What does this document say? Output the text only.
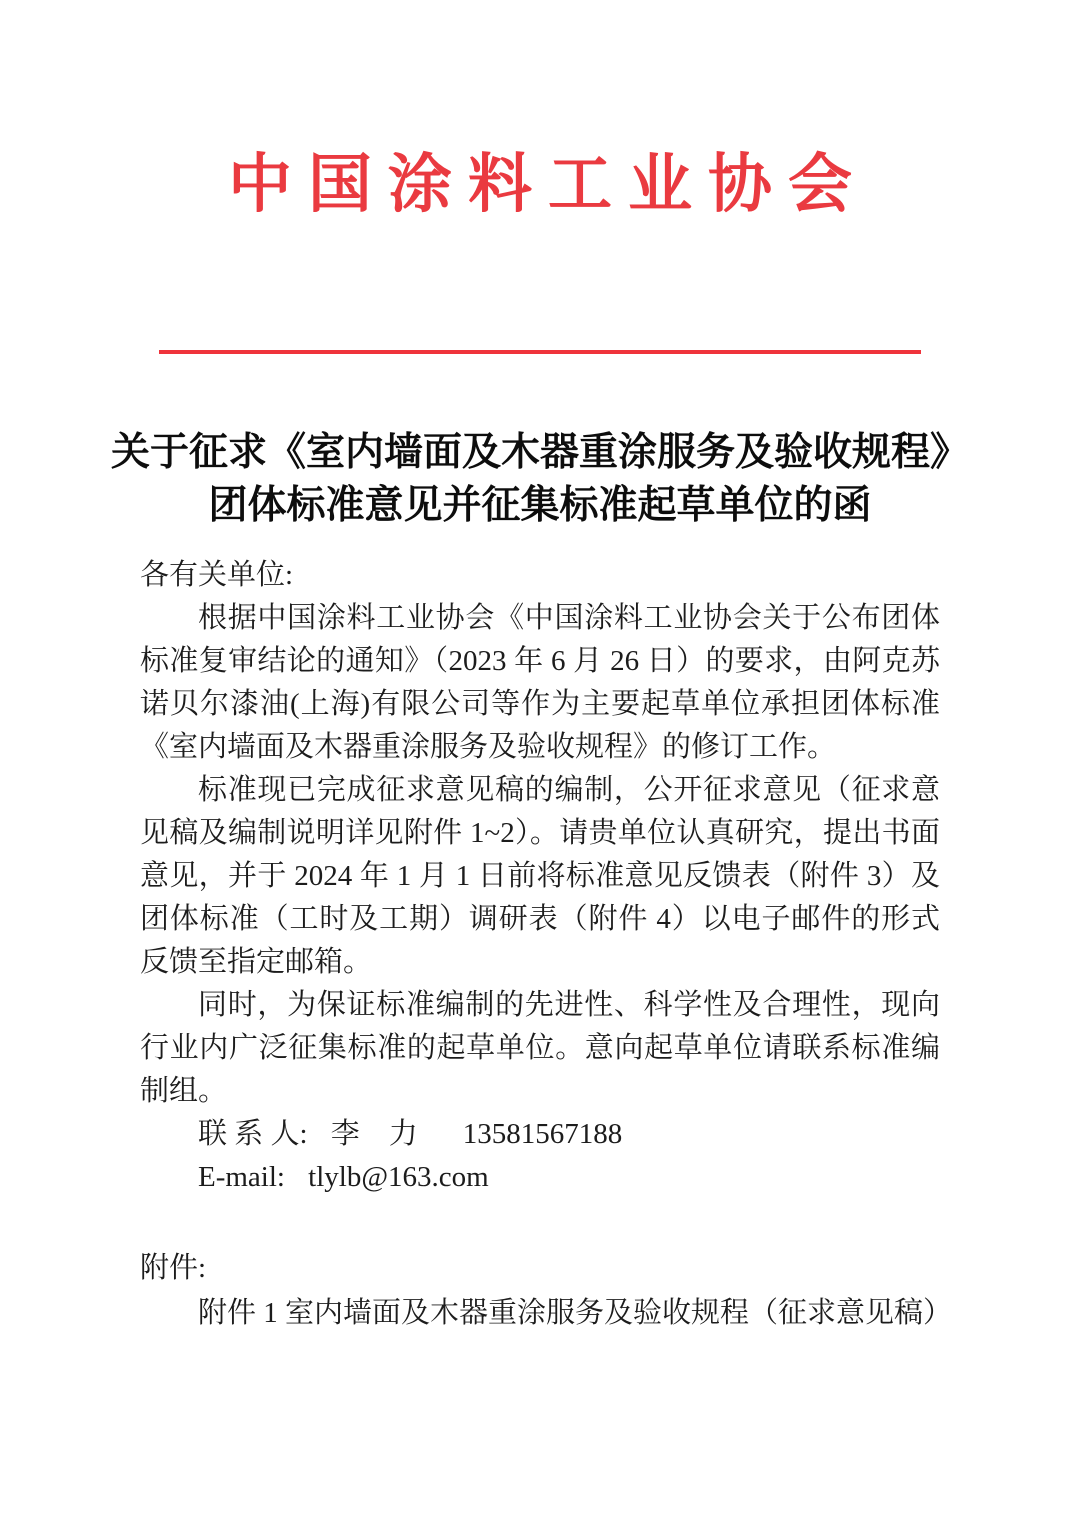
中国涂料工业协会
关于征求《室内墙面及木器重涂服务及验收规程》
团体标准意见并征集标准起草单位的函
各有关单位:

根据中国涂料工业协会《中国涂料工业协会关于公布团体标准复审结论的通知》（2023 年 6 月 26 日）的要求，由阿克苏诺贝尔漆油(上海)有限公司等作为主要起草单位承担团体标准《室内墙面及木器重涂服务及验收规程》的修订工作。

标准现已完成征求意见稿的编制，公开征求意见（征求意见稿及编制说明详见附件 1~2）。请贵单位认真研究，提出书面意见，并于 2024 年 1 月 1 日前将标准意见反馈表（附件 3）及团体标准（工时及工期）调研表（附件 4）以电子邮件的形式反馈至指定邮箱。

同时，为保证标准编制的先进性、科学性及合理性，现向行业内广泛征集标准的起草单位。意向起草单位请联系标准编制组。

联 系 人: 李　力 13581567188
E-mail: tlylb@163.com
附件:
附件 1 室内墙面及木器重涂服务及验收规程（征求意见稿）
